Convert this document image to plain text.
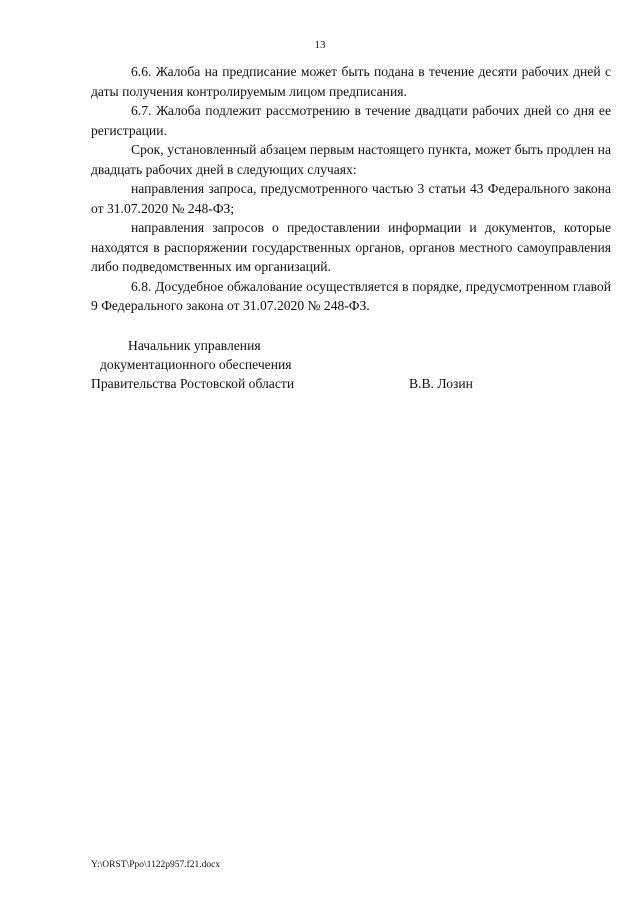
13

6.6. Жалоба на предписание может быть подана в течение десяти рабочих дней с даты получения контролируемым лицом предписания.

6.7. Жалоба подлежит рассмотрению в течение двадцати рабочих дней со дня ее регистрации.

Срок, установленный абзацем первым настоящего пункта, может быть продлен на двадцать рабочих дней в следующих случаях:

направления запроса, предусмотренного частью 3 статьи 43 Федерального закона от 31.07.2020 № 248-ФЗ;

направления запросов о предоставлении информации и документов, которые находятся в распоряжении государственных органов, органов местного самоуправления либо подведомственных им организаций.

6.8. Досудебное обжалование осуществляется в порядке, предусмотренном главой 9 Федерального закона от 31.07.2020 № 248-ФЗ.

Начальник управления
документационного обеспечения
Правительства Ростовской области	В.В. Лозин
Y:\ORST\Ppo\1122p957.f21.docx
